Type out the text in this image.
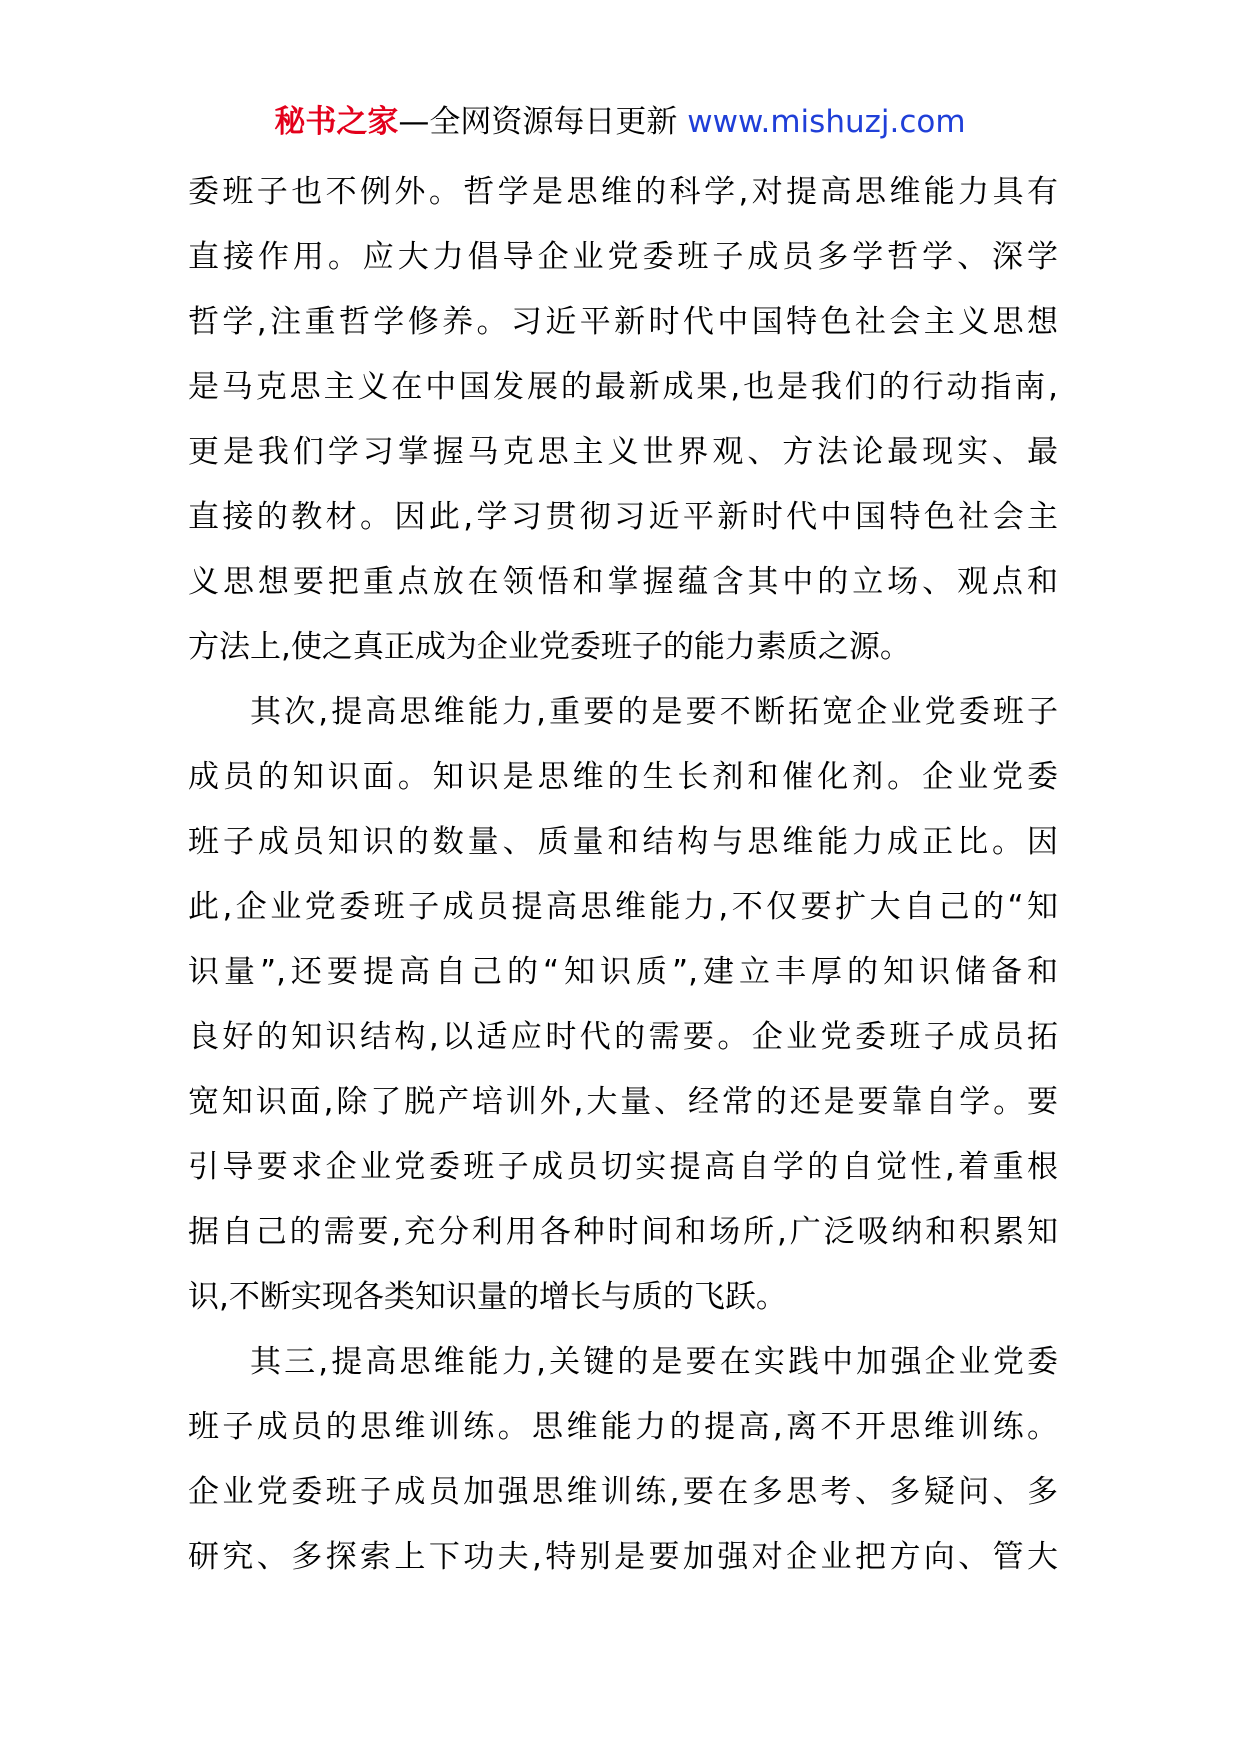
秘书之家—全网资源每日更新 www.mishuzj.com
委班子也不例外。哲学是思维的科学,对提高思维能力具有
直接作用。应大力倡导企业党委班子成员多学哲学、深学
哲学,注重哲学修养。习近平新时代中国特色社会主义思想
是马克思主义在中国发展的最新成果,也是我们的行动指南,
更是我们学习掌握马克思主义世界观、方法论最现实、最
直接的教材。因此,学习贯彻习近平新时代中国特色社会主
义思想要把重点放在领悟和掌握蕴含其中的立场、观点和
方法上,使之真正成为企业党委班子的能力素质之源。
其次,提高思维能力,重要的是要不断拓宽企业党委班子
成员的知识面。知识是思维的生长剂和催化剂。企业党委
班子成员知识的数量、质量和结构与思维能力成正比。因
此,企业党委班子成员提高思维能力,不仅要扩大自己的“知
识量”,还要提高自己的“知识质”,建立丰厚的知识储备和
良好的知识结构,以适应时代的需要。企业党委班子成员拓
宽知识面,除了脱产培训外,大量、经常的还是要靠自学。要
引导要求企业党委班子成员切实提高自学的自觉性,着重根
据自己的需要,充分利用各种时间和场所,广泛吸纳和积累知
识,不断实现各类知识量的增长与质的飞跃。
其三,提高思维能力,关键的是要在实践中加强企业党委
班子成员的思维训练。思维能力的提高,离不开思维训练。
企业党委班子成员加强思维训练,要在多思考、多疑问、多
研究、多探索上下功夫,特别是要加强对企业把方向、管大
